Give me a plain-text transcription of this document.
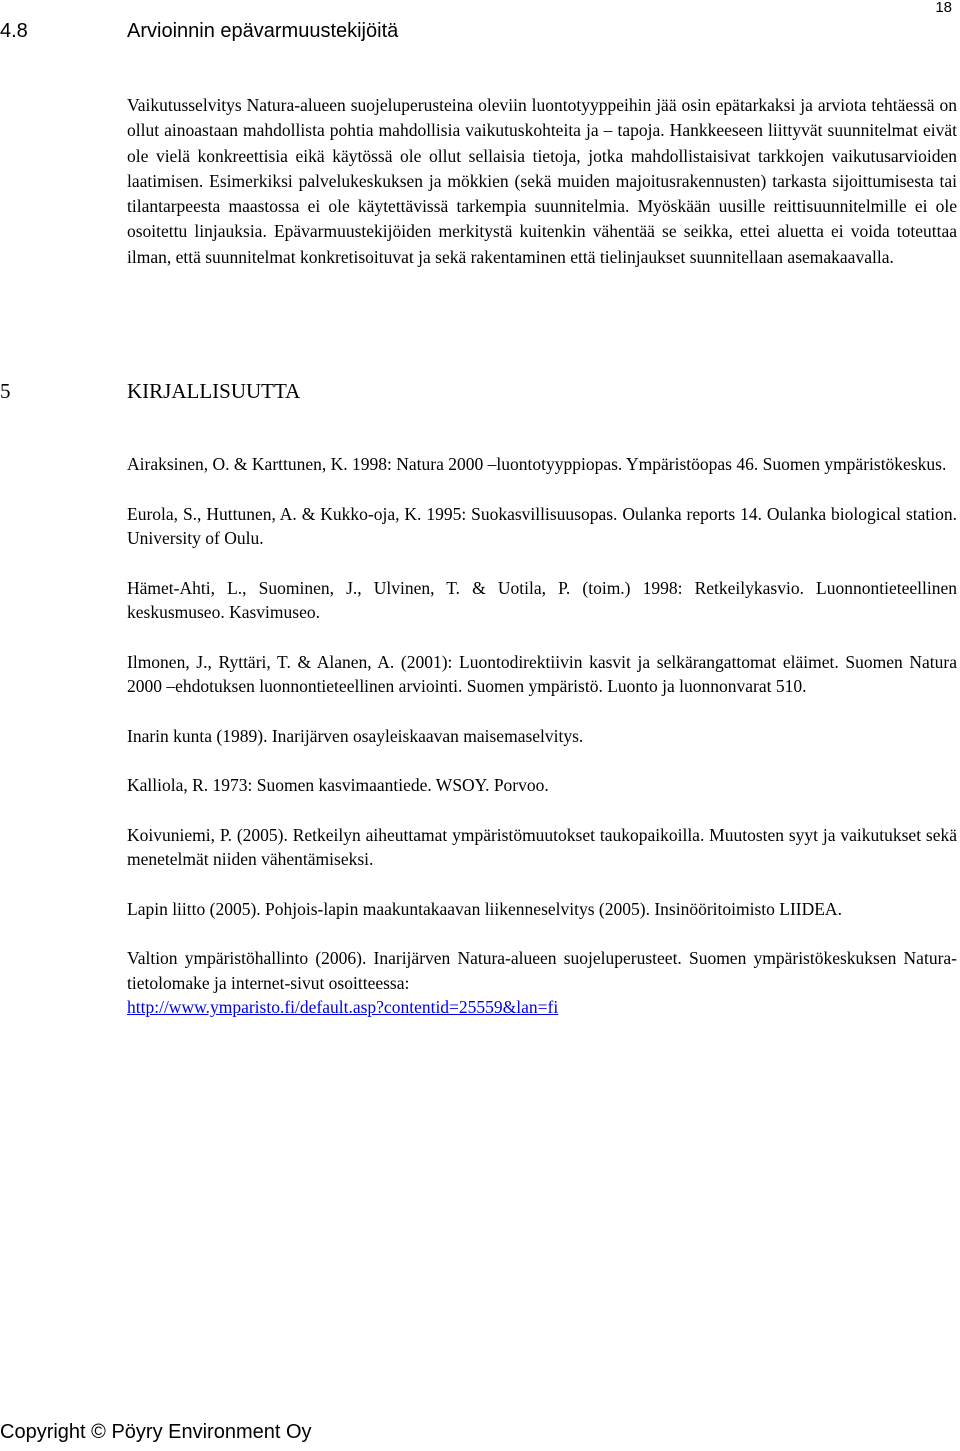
18
4.8	Arvioinnin epävarmuustekijöitä

Vaikutusselvitys Natura-alueen suojeluperusteina oleviin luontotyyppeihin jää osin epätarkaksi ja arviota tehtäessä on ollut ainoastaan mahdollista pohtia mahdollisia vaikutuskohteita ja – tapoja. Hankkeeseen liittyvät suunnitelmat eivät ole vielä konkreettisia eikä käytössä ole ollut sellaisia tietoja, jotka mahdollistaisivat tarkkojen vaikutusarvioiden laatimisen. Esimerkiksi palvelukeskuksen ja mökkien (sekä muiden majoitusrakennusten) tarkasta sijoittumisesta tai tilantarpeesta maastossa ei ole käytettävissä tarkempia suunnitelmia. Myöskään uusille reittisuunnitelmille ei ole osoitettu linjauksia. Epävarmuustekijöiden merkitystä kuitenkin vähentää se seikka, ettei aluetta ei voida toteuttaa ilman, että suunnitelmat konkretisoituvat ja sekä rakentaminen että tielinjaukset suunnitellaan asemakaavalla.

5	KIRJALLISUUTTA
Airaksinen, O. & Karttunen, K. 1998: Natura 2000 –luontotyyppiopas. Ympäristöopas 46. Suomen ympäristökeskus.
Eurola, S., Huttunen, A. & Kukko-oja, K. 1995: Suokasvillisuusopas. Oulanka reports 14. Oulanka biological station. University of Oulu.
Hämet-Ahti, L., Suominen, J., Ulvinen, T. & Uotila, P. (toim.) 1998: Retkeilykasvio. Luonnontieteellinen keskusmuseo. Kasvimuseo.
Ilmonen, J., Ryttäri, T. & Alanen, A. (2001): Luontodirektiivin kasvit ja selkärangattomat eläimet. Suomen Natura 2000 –ehdotuksen luonnontieteellinen arviointi. Suomen ympäristö. Luonto ja luonnonvarat 510.
Inarin kunta (1989). Inarijärven osayleiskaavan maisemaselvitys.
Kalliola, R. 1973: Suomen kasvimaantiede. WSOY. Porvoo.
Koivuniemi, P. (2005). Retkeilyn aiheuttamat ympäristömuutokset taukopaikoilla. Muutosten syyt ja vaikutukset sekä menetelmät niiden vähentämiseksi.
Lapin liitto (2005). Pohjois-lapin maakuntakaavan liikenneselvitys (2005). Insinööritoimisto LIIDEA.
Valtion ympäristöhallinto (2006). Inarijärven Natura-alueen suojeluperusteet. Suomen ympäristökeskuksen Natura-tietolomake ja internet-sivut osoitteessa:
http://www.ymparisto.fi/default.asp?contentid=25559&lan=fi
Copyright © Pöyry Environment Oy
